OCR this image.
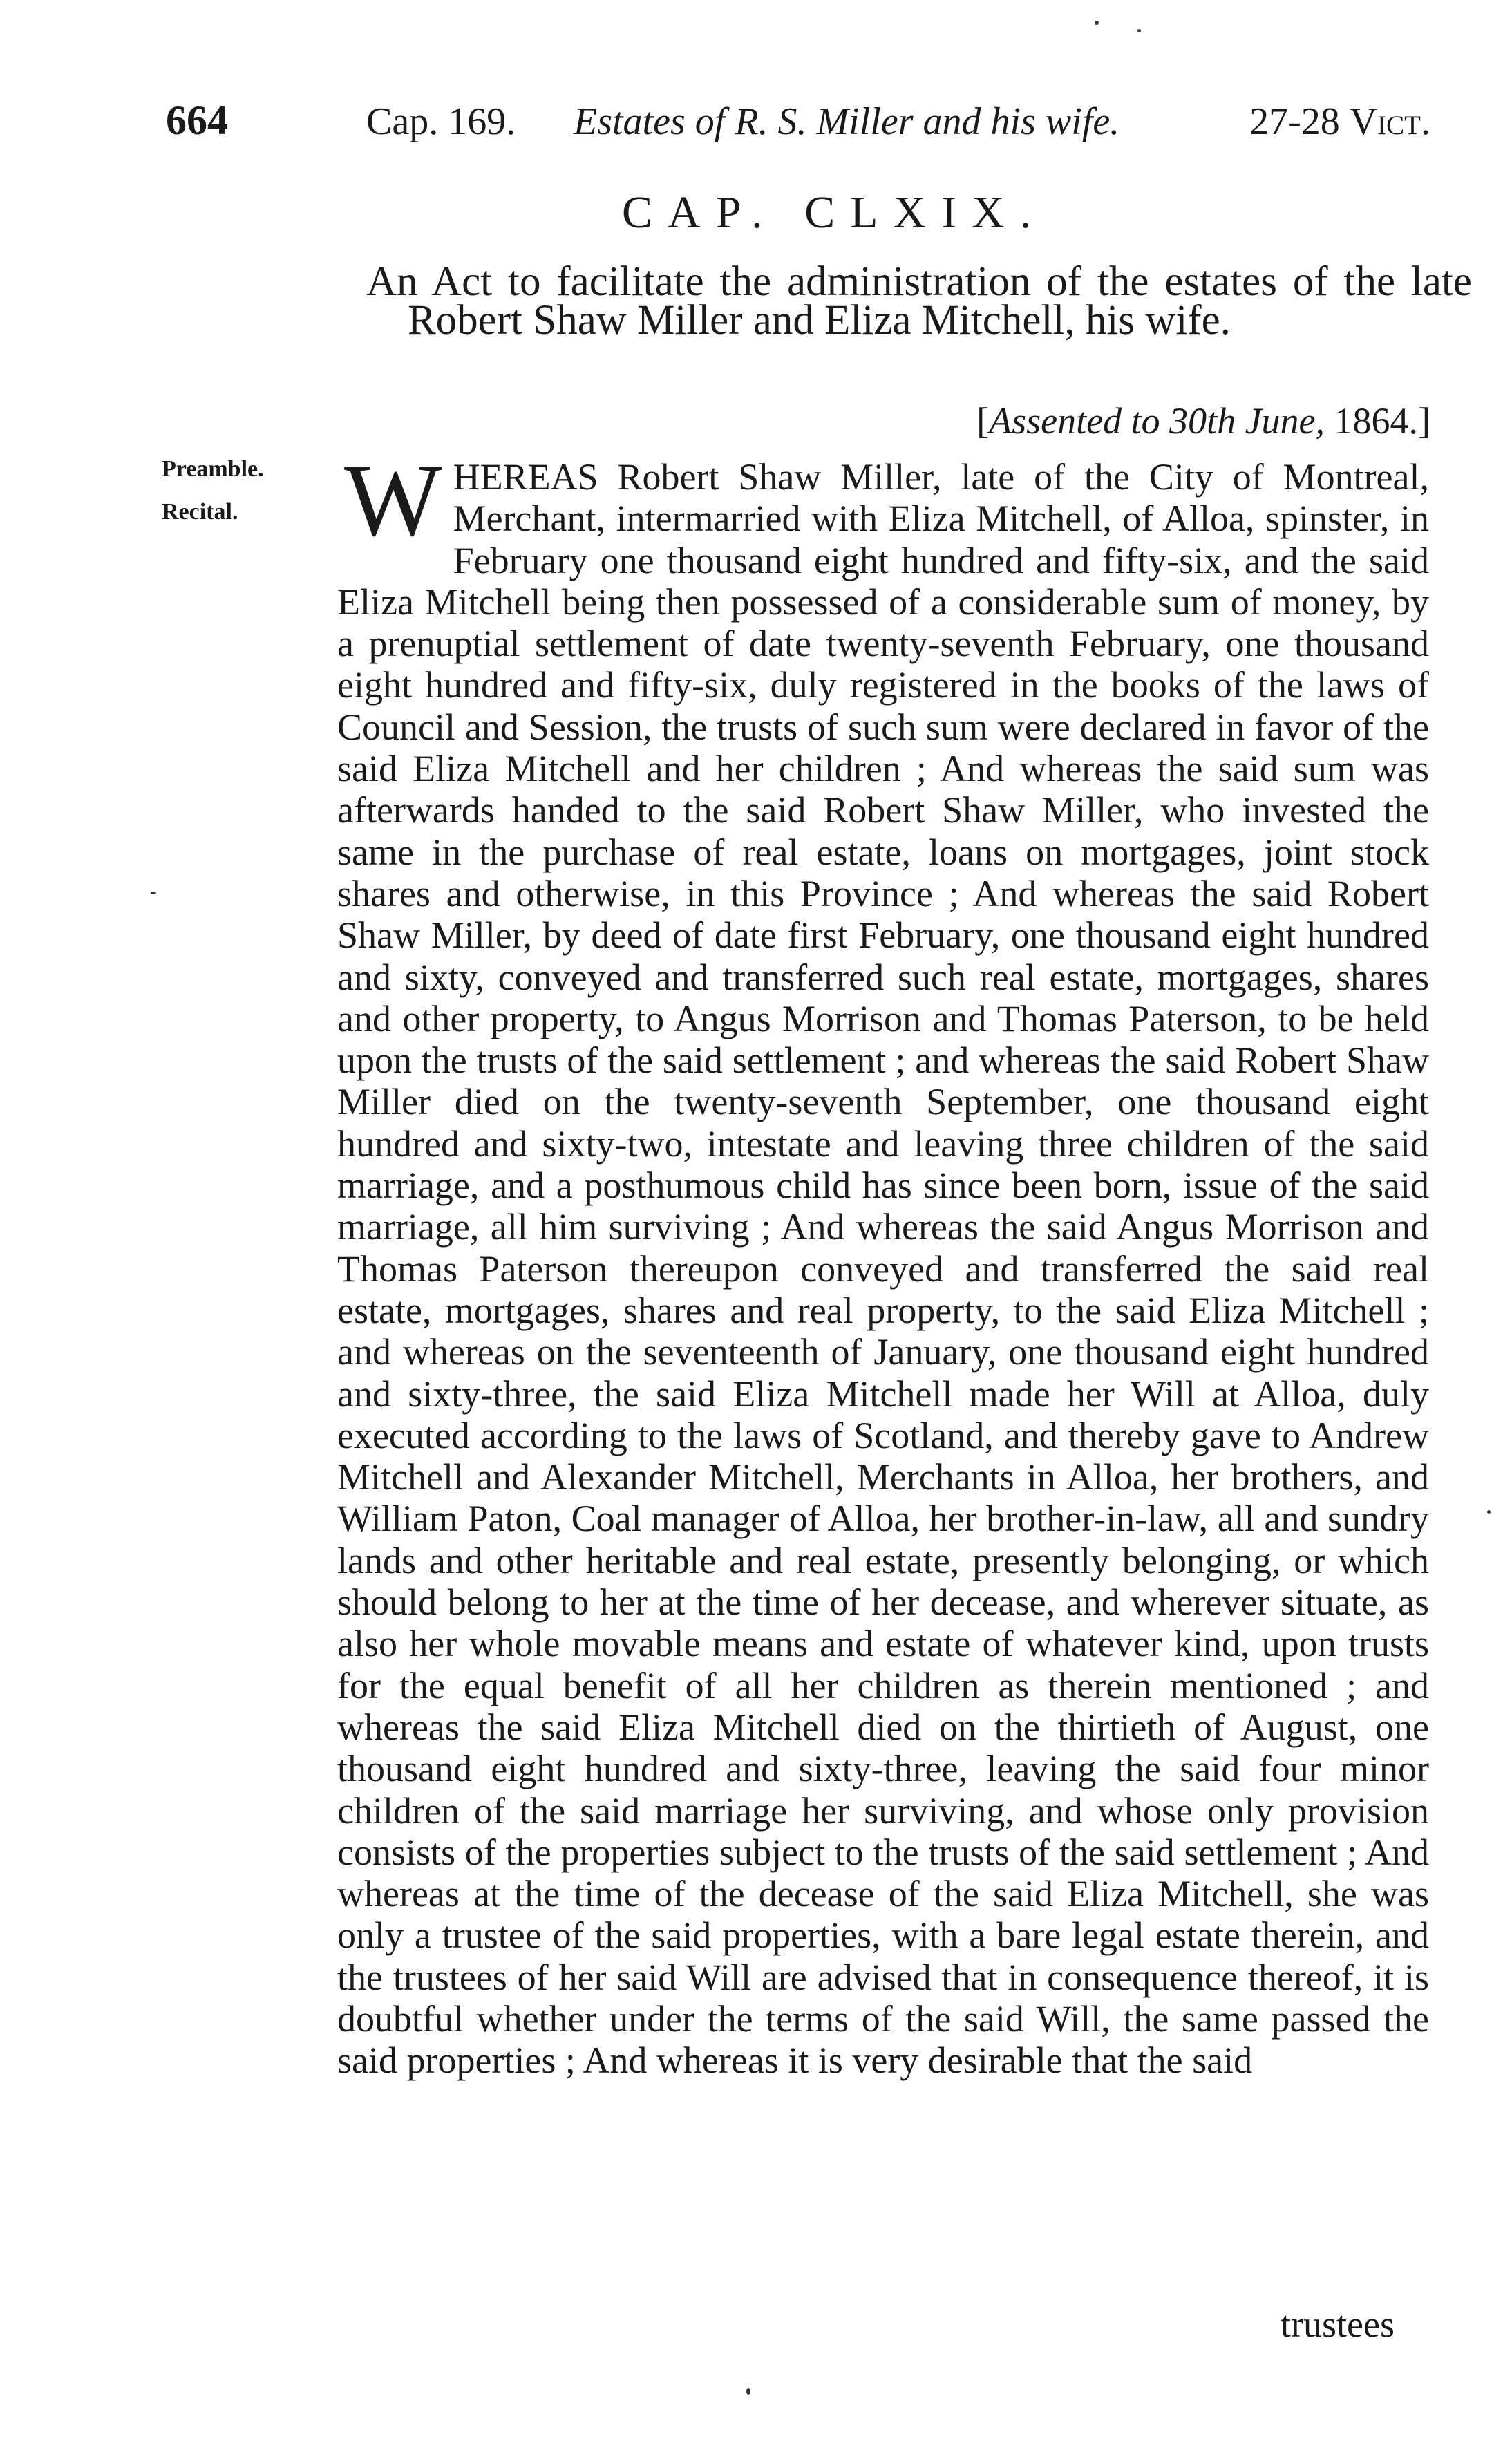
664	Cap. 169.	Estates of R. S. Miller and his wife.	27-28 Vict.
CAP. CLXIX.
An Act to facilitate the administration of the estates of the late Robert Shaw Miller and Eliza Mitchell, his wife.
[Assented to 30th June, 1864.]
Preamble.
Recital. WHEREAS Robert Shaw Miller, late of the City of Montreal, Merchant, intermarried with Eliza Mitchell, of Alloa, spinster, in February one thousand eight hundred and fifty-six, and the said Eliza Mitchell being then possessed of a considerable sum of money, by a prenuptial settlement of date twenty-seventh February, one thousand eight hundred and fifty-six, duly registered in the books of the laws of Council and Session, the trusts of such sum were declared in favor of the said Eliza Mitchell and her children ; And whereas the said sum was afterwards handed to the said Robert Shaw Miller, who invested the same in the purchase of real estate, loans on mortgages, joint stock shares and otherwise, in this Province ; And whereas the said Robert Shaw Miller, by deed of date first February, one thousand eight hundred and sixty, conveyed and transferred such real estate, mortgages, shares and other property, to Angus Morrison and Thomas Paterson, to be held upon the trusts of the said settlement ; and whereas the said Robert Shaw Miller died on the twenty-seventh September, one thousand eight hundred and sixty-two, intestate and leaving three children of the said marriage, and a posthumous child has since been born, issue of the said marriage, all him surviving ; And whereas the said Angus Morrison and Thomas Paterson thereupon conveyed and transferred the said real estate, mortgages, shares and real property, to the said Eliza Mitchell ; and whereas on the seventeenth of January, one thousand eight hundred and sixty-three, the said Eliza Mitchell made her Will at Alloa, duly executed according to the laws of Scotland, and thereby gave to Andrew Mitchell and Alexander Mitchell, Merchants in Alloa, her brothers, and William Paton, Coal manager of Alloa, her brother-in-law, all and sundry lands and other heritable and real estate, presently belonging, or which should belong to her at the time of her decease, and wherever situate, as also her whole movable means and estate of whatever kind, upon trusts for the equal benefit of all her children as therein mentioned ; and whereas the said Eliza Mitchell died on the thirtieth of August, one thousand eight hundred and sixty-three, leaving the said four minor children of the said marriage her surviving, and whose only provision consists of the properties subject to the trusts of the said settlement ; And whereas at the time of the decease of the said Eliza Mitchell, she was only a trustee of the said properties, with a bare legal estate therein, and the trustees of her said Will are advised that in consequence thereof, it is doubtful whether under the terms of the said Will, the same passed the said properties ; And whereas it is very desirable that the said
trustees
